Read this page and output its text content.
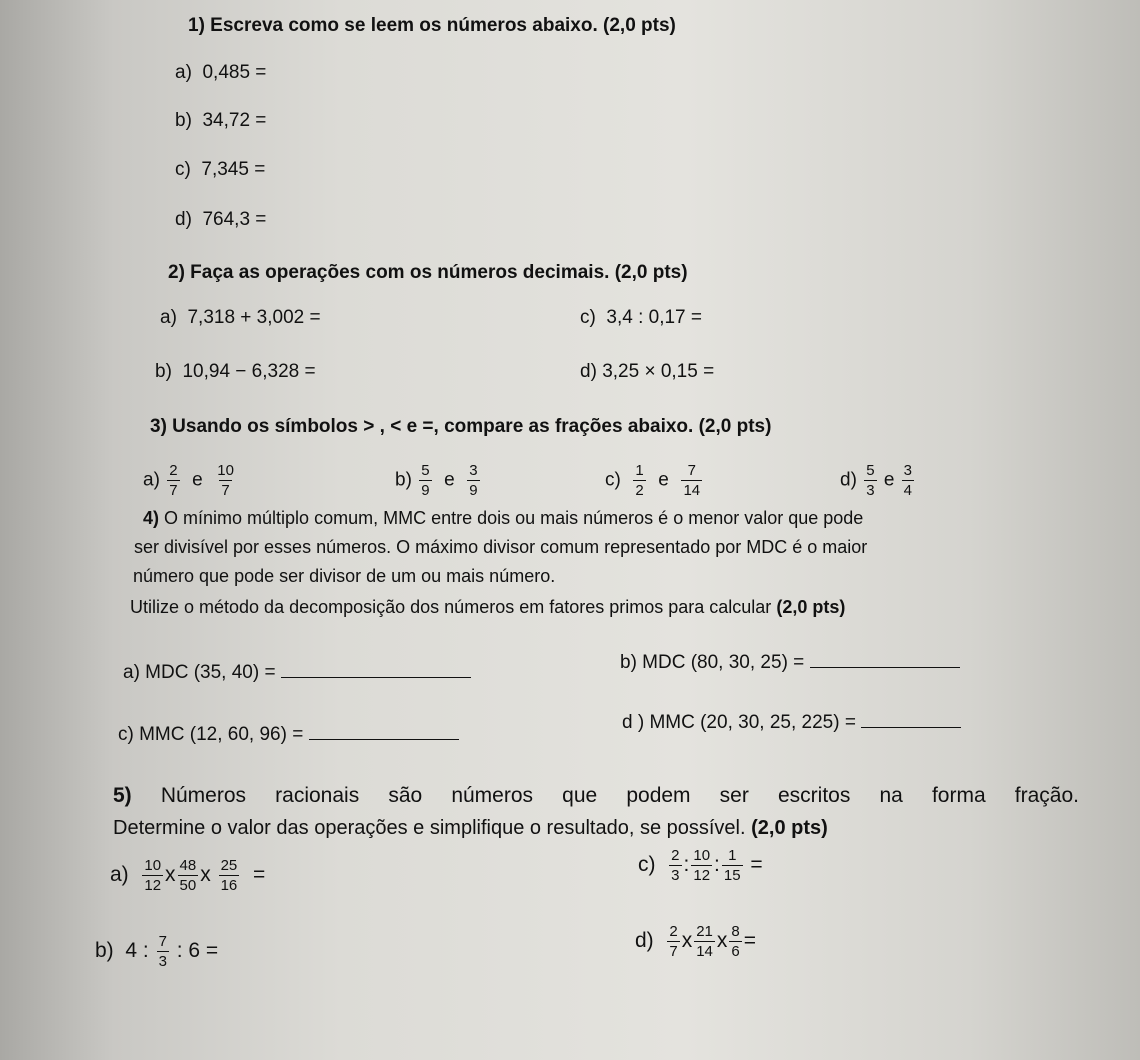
1) Escreva como se leem os números abaixo. (2,0 pts)
a) 0,485 =
b) 34,72 =
c) 7,345 =
d) 764,3 =
2) Faça as operações com os números decimais. (2,0 pts)
a) 7,318 + 3,002 =
b) 10,94 − 6,328 =
c) 3,4 : 0,17 =
d) 3,25 × 0,15 =
3) Usando os símbolos > , < e =, compare as frações abaixo. (2,0 pts)
$a) \frac{2}{7}$ e $\frac{10}{7}$	$b) \frac{5}{9}$ e $\frac{3}{9}$	$c) \frac{1}{2}$ e $\frac{7}{14}$	$d) \frac{5}{3}$ e $\frac{3}{4}$
4) O mínimo múltiplo comum, MMC entre dois ou mais números é o menor valor que pode
ser divisível por esses números. O máximo divisor comum representado por MDC é o maior
número que pode ser divisor de um ou mais número.
Utilize o método da decomposição dos números em fatores primos para calcular (2,0 pts)
a) MDC (35, 40) =	b) MDC (80, 30, 25) =
c) MMC (12, 60, 96) =
d ) MMC (20, 30, 25, 225) =
5) Números racionais são números que podem ser escritos na forma fração.
Determine o valor das operações e simplifique o resultado, se possível. (2,0 pts)
$a) \frac{10}{12}$ x $\frac{48}{50}$ x $\frac{25}{16}$ =
b) 4 : $\frac{7}{3}$ : 6 =
$c) \frac{2}{3}$ : $\frac{10}{12}$ : $\frac{1}{15}$ =
$d) \frac{2}{7}$ x $\frac{21}{14}$ x $\frac{8}{6}$ =
